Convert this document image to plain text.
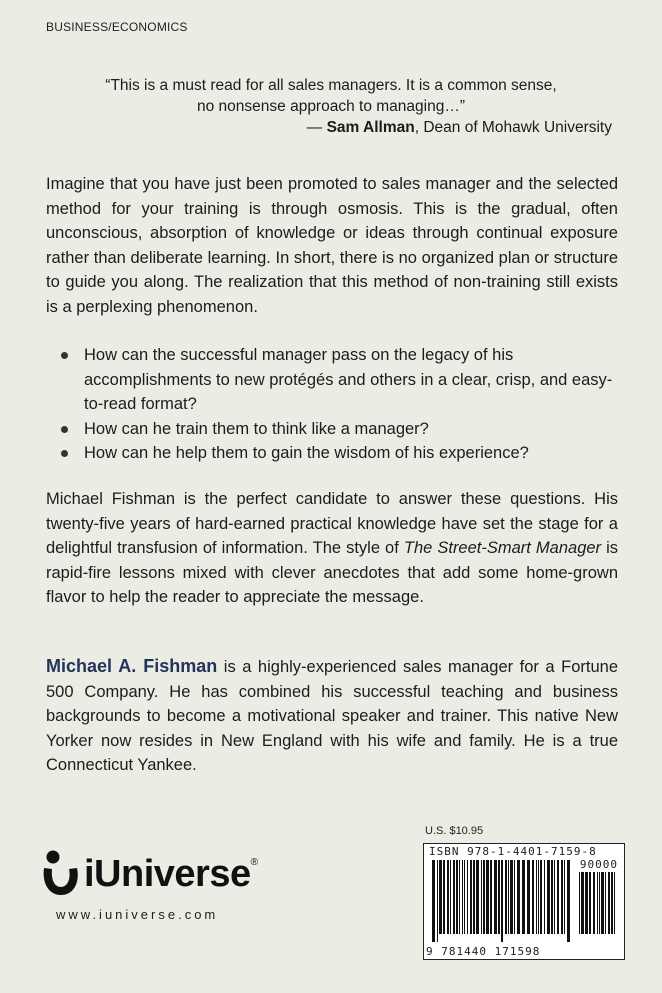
BUSINESS/ECONOMICS
“This is a must read for all sales managers. It is a common sense,
no nonsense approach to managing…”
— Sam Allman, Dean of Mohawk University

Imagine that you have just been promoted to sales manager and the selected method for your training is through osmosis. This is the gradual, often unconscious, absorption of knowledge or ideas through continual exposure rather than deliberate learning. In short, there is no organized plan or structure to guide you along. The realization that this method of non-training still exists is a perplexing phenomenon.

How can the successful manager pass on the legacy of his accomplishments to new protégés and others in a clear, crisp, and easy-to-read format?
How can he train them to think like a manager?
How can he help them to gain the wisdom of his experience?

Michael Fishman is the perfect candidate to answer these questions. His twenty-five years of hard-earned practical knowledge have set the stage for a delightful transfusion of information. The style of The Street-Smart Manager is rapid-fire lessons mixed with clever anecdotes that add some home-grown flavor to help the reader to appreciate the message.

Michael A. Fishman is a highly-experienced sales manager for a Fortune 500 Company. He has combined his successful teaching and business backgrounds to become a motivational speaker and trainer. This native New Yorker now resides in New England with his wife and family. He is a true Connecticut Yankee.

U.S. $10.95
ISBN 978-1-4401-7159-8
90000
9 781440 171598
iUniverse®
www.iuniverse.com
